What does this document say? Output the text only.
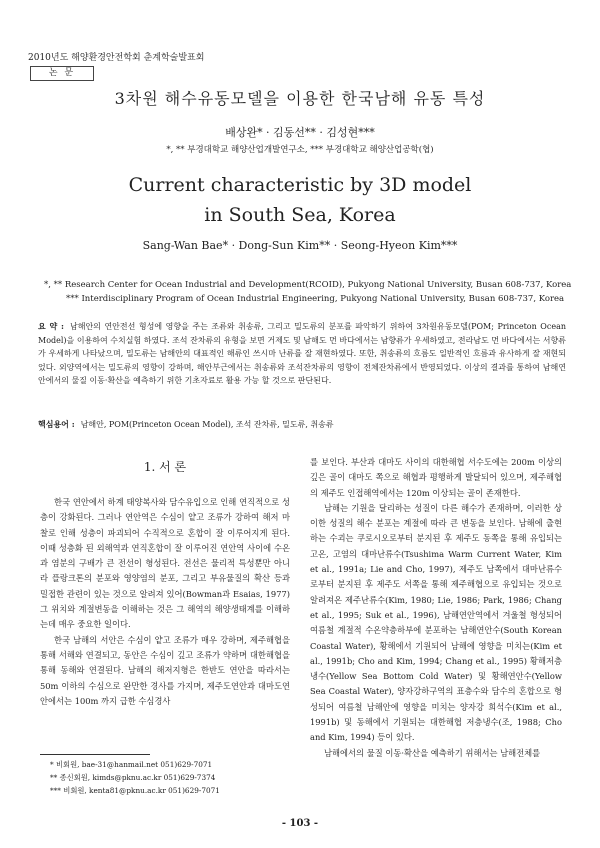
2010년도 해양환경안전학회 춘계학술발표회
논 문
3차원 해수유동모델을 이용한 한국남해 유동 특성
배상완* · 김동선** · 김성현***
*, ** 부경대학교 해양산업개발연구소, *** 부경대학교 해양산업공학(협)
Current characteristic by 3D model
in South Sea, Korea
Sang-Wan Bae* · Dong-Sun Kim** · Seong-Hyeon Kim***
*, ** Research Center for Ocean Industrial and Development(RCOID), Pukyong National University, Busan 608-737, Korea
*** Interdisciplinary Program of Ocean Industrial Engineering, Pukyong National University, Busan 608-737, Korea
요 약 : 남해안의 연안전선 형성에 영향을 주는 조류와 취송류, 그리고 밀도류의 분포를 파악하기 위하여 3차원유동모델(POM; Princeton Ocean Model)을 이용하여 수치실험 하였다. 조석 잔차류의 유형을 보면 거제도 및 남해도 먼 바다에서는 남향류가 우세하였고, 전라남도 먼 바다에서는 서향류가 우세하게 나타났으며, 밀도류는 남해안의 대표적인 해류인 쓰시마 난류를 잘 재현하였다. 또한, 취송류의 흐름도 일반적인 흐름과 유사하게 잘 재현되었다. 외양역에서는 밀도류의 영향이 강하며, 해안부근에서는 취송류와 조석잔차류의 영향이 전체잔차류에서 반영되었다. 이상의 결과를 통하여 남해연안에서의 물질 이동·확산을 예측하기 위한 기초자료로 활용 가능 할 것으로 판단된다.
핵심용어 : 남해안, POM(Princeton Ocean Model), 조석 잔차류, 밀도류, 취송류
1. 서 론

한국 연안에서 하계 태양복사와 담수유입으로 인해 연직적으로 성층이 강화된다. 그러나 연안역은 수심이 얕고 조류가 강하여 해저 마찰로 인해 성층이 파괴되어 수직적으로 혼합이 잘 이루어지게 된다. 이때 성층화 된 외해역과 연직혼합이 잘 이루어진 연안역 사이에 수온과 염분의 구배가 큰 전선이 형성된다. 전선은 물리적 특성뿐만 아니라 플랑크톤의 분포와 영양염의 분포, 그리고 부유물질의 확산 등과 밀접한 관련이 있는 것으로 알려져 있어(Bowman과 Esaias, 1977) 그 위치와 계절변동을 이해하는 것은 그 해역의 해양생태계를 이해하는데 매우 중요한 일이다.

한국 남해의 서안은 수심이 얕고 조류가 매우 강하며, 제주해협을 통해 서해와 연결되고, 동안은 수심이 깊고 조류가 약하며 대한해협을 통해 동해와 연결된다. 남해의 해저지형은 한반도 연안을 따라서는 50m 이하의 수심으로 완만한 경사를 가지며, 제주도연안과 대마도연안에서는 100m 까지 급한 수심경사

를 보인다. 부산과 대마도 사이의 대한해협 서수도에는 200m 이상의 깊은 골이 대마도 쪽으로 해협과 평행하게 발달되어 있으며, 제주해협의 제주도 인접해역에서는 120m 이상되는 골이 존재한다.

남해는 기원을 달리하는 성질이 다른 해수가 존재하며, 이러한 상이한 성질의 해수 분포는 계절에 따라 큰 변동을 보인다. 남해에 출현하는 수괴는 쿠로시오로부터 분지된 후 제주도 동쪽을 통해 유입되는 고온, 고염의 대마난류수(Tsushima Warm Current Water, Kim et al., 1991a; Lie and Cho, 1997), 제주도 남쪽에서 대마난류수로부터 분지된 후 제주도 서쪽을 통해 제주해협으로 유입되는 것으로 알려져온 제주난류수(Kim, 1980; Lie, 1986; Park, 1986; Chang et al., 1995; Suk et al., 1996), 남해연안역에서 겨울철 형성되어 여름철 계절적 수온약층하부에 분포하는 남해연안수(South Korean Coastal Water), 황해에서 기원되어 남해에 영향을 미치는(Kim et al., 1991b; Cho and Kim, 1994; Chang et al., 1995) 황해저층냉수(Yellow Sea Bottom Cold Water) 및 황해연안수(Yellow Sea Coastal Water), 양자강하구역의 표층수와 담수의 혼합으로 형성되어 여름철 남해안에 영향을 미치는 양자강 희석수(Kim et al., 1991b) 및 동해에서 기원되는 대한해협 저층냉수(조, 1988; Cho and Kim, 1994) 등이 있다.

남해에서의 물질 이동·확산을 예측하기 위해서는 남해전체를

* 비회원, bae-31@hanmail.net 051)629-7071
** 종신회원, kimds@pknu.ac.kr 051)629-7374
*** 비회원, kenta81@pknu.ac.kr 051)629-7071
- 103 -
